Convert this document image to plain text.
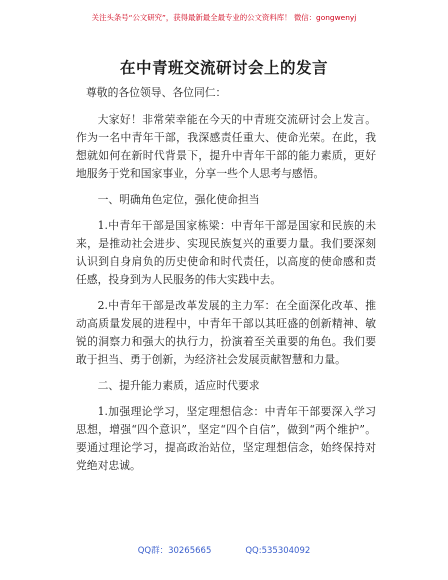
关注头条号“公文研究”，获得最新最全最专业的公文资料库！ 微信：gongwenyj
在中青班交流研讨会上的发言

尊敬的各位领导、各位同仁：

大家好！非常荣幸能在今天的中青班交流研讨会上发言。作为一名中青年干部，我深感责任重大、使命光荣。在此，我想就如何在新时代背景下，提升中青年干部的能力素质，更好地服务于党和国家事业，分享一些个人思考与感悟。

一、明确角色定位，强化使命担当

1.中青年干部是国家栋梁：中青年干部是国家和民族的未来，是推动社会进步、实现民族复兴的重要力量。我们要深刻认识到自身肩负的历史使命和时代责任，以高度的使命感和责任感，投身到为人民服务的伟大实践中去。

2.中青年干部是改革发展的主力军：在全面深化改革、推动高质量发展的进程中，中青年干部以其旺盛的创新精神、敏锐的洞察力和强大的执行力，扮演着至关重要的角色。我们要敢于担当、勇于创新，为经济社会发展贡献智慧和力量。

二、提升能力素质，适应时代要求

1.加强理论学习，坚定理想信念：中青年干部要深入学习思想，增强“四个意识”，坚定“四个自信”，做到“两个维护”。要通过理论学习，提高政治站位，坚定理想信念，始终保持对党绝对忠诚。

QQ群：30265665	QQ:535304092
